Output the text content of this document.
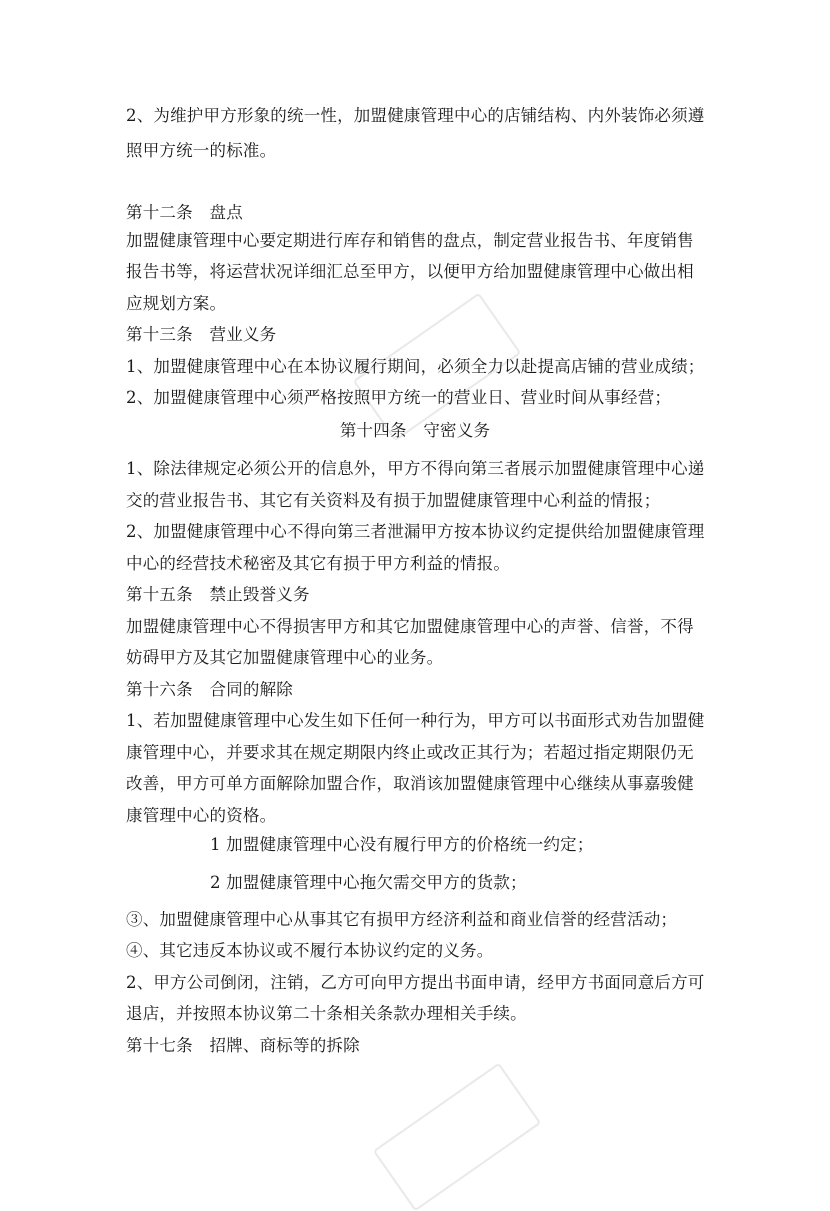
2、为维护甲方形象的统一性，加盟健康管理中心的店铺结构、内外装饰必须遵
照甲方统一的标准。
第十二条　盘点
加盟健康管理中心要定期进行库存和销售的盘点，制定营业报告书、年度销售
报告书等，将运营状况详细汇总至甲方，以便甲方给加盟健康管理中心做出相
应规划方案。
第十三条　营业义务
1、加盟健康管理中心在本协议履行期间，必须全力以赴提高店铺的营业成绩；
2、加盟健康管理中心须严格按照甲方统一的营业日、营业时间从事经营；
第十四条　守密义务
1、除法律规定必须公开的信息外，甲方不得向第三者展示加盟健康管理中心递
交的营业报告书、其它有关资料及有损于加盟健康管理中心利益的情报；
2、加盟健康管理中心不得向第三者泄漏甲方按本协议约定提供给加盟健康管理
中心的经营技术秘密及其它有损于甲方利益的情报。
第十五条　禁止毁誉义务
加盟健康管理中心不得损害甲方和其它加盟健康管理中心的声誉、信誉，不得
妨碍甲方及其它加盟健康管理中心的业务。
第十六条　合同的解除
1、若加盟健康管理中心发生如下任何一种行为，甲方可以书面形式劝告加盟健
康管理中心，并要求其在规定期限内终止或改正其行为；若超过指定期限仍无
改善，甲方可单方面解除加盟合作，取消该加盟健康管理中心继续从事嘉骏健
康管理中心的资格。
1 加盟健康管理中心没有履行甲方的价格统一约定；
2 加盟健康管理中心拖欠需交甲方的货款；
③、加盟健康管理中心从事其它有损甲方经济利益和商业信誉的经营活动；
④、其它违反本协议或不履行本协议约定的义务。
2、甲方公司倒闭，注销，乙方可向甲方提出书面申请，经甲方书面同意后方可
退店，并按照本协议第二十条相关条款办理相关手续。
第十七条　招牌、商标等的拆除
